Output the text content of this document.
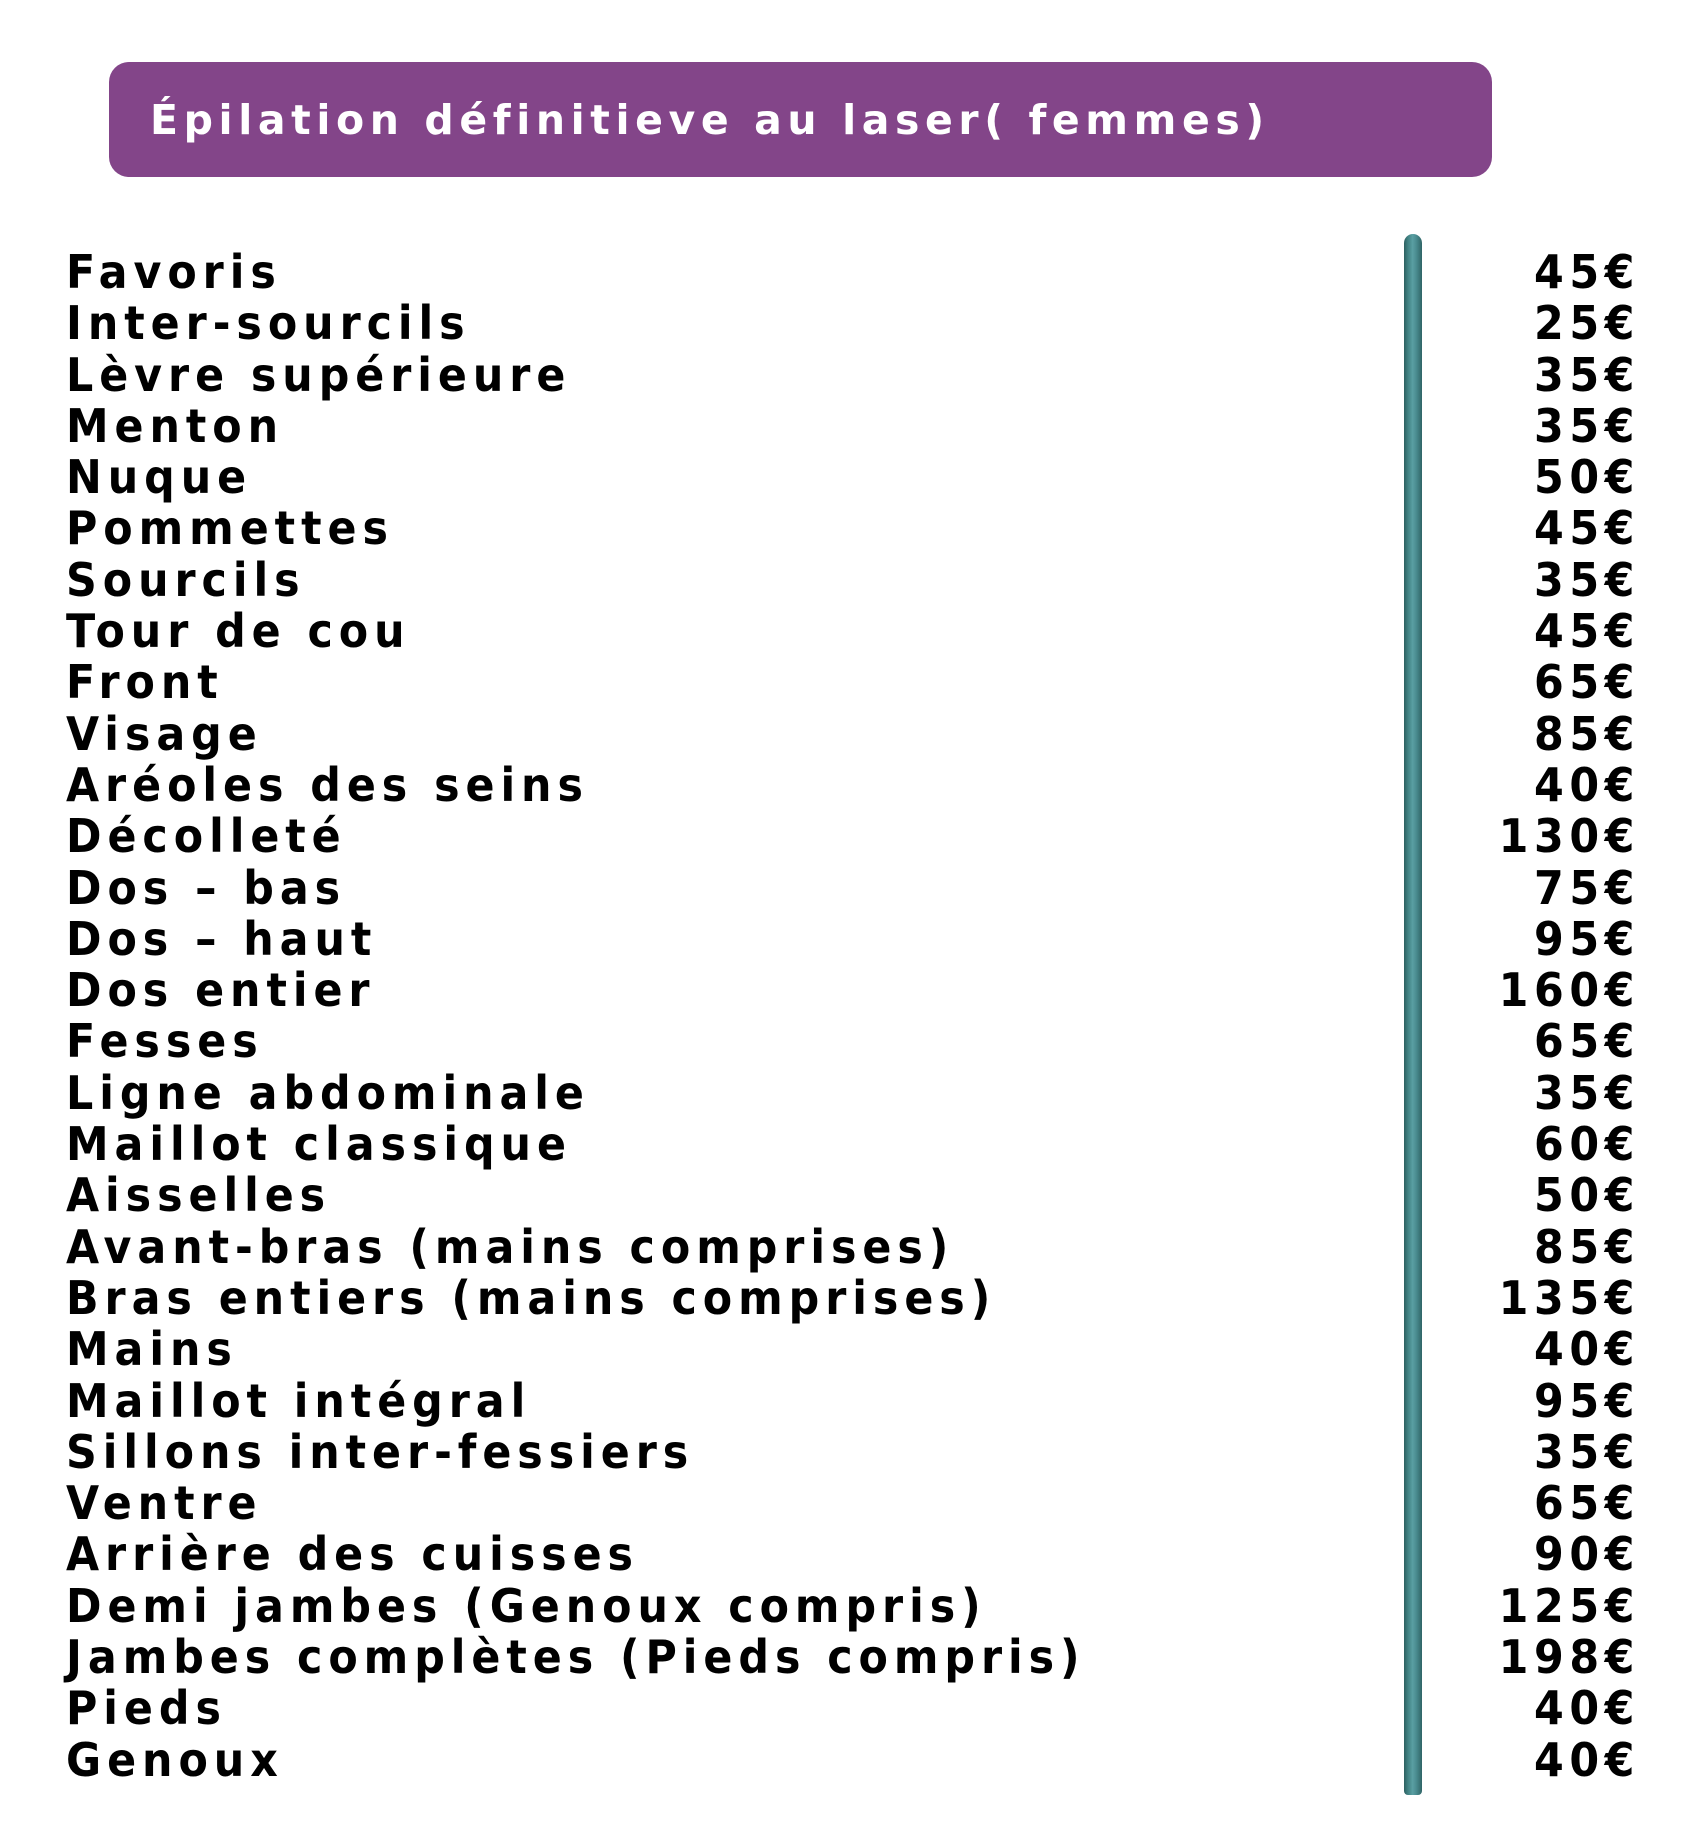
Épilation définitieve au laser( femmes)
Favoris	45€
Inter-sourcils	25€
Lèvre supérieure	35€
Menton	35€
Nuque	50€
Pommettes	45€
Sourcils	35€
Tour de cou	45€
Front	65€
Visage	85€
Aréoles des seins	40€
Décolleté	130€
Dos – bas	75€
Dos – haut	95€
Dos entier	160€
Fesses	65€
Ligne abdominale	35€
Maillot classique	60€
Aisselles	50€
Avant-bras (mains comprises)	85€
Bras entiers (mains comprises)	135€
Mains	40€
Maillot intégral	95€
Sillons inter-fessiers	35€
Ventre	65€
Arrière des cuisses	90€
Demi jambes (Genoux compris)	125€
Jambes complètes (Pieds compris)	198€
Pieds	40€
Genoux	40€
